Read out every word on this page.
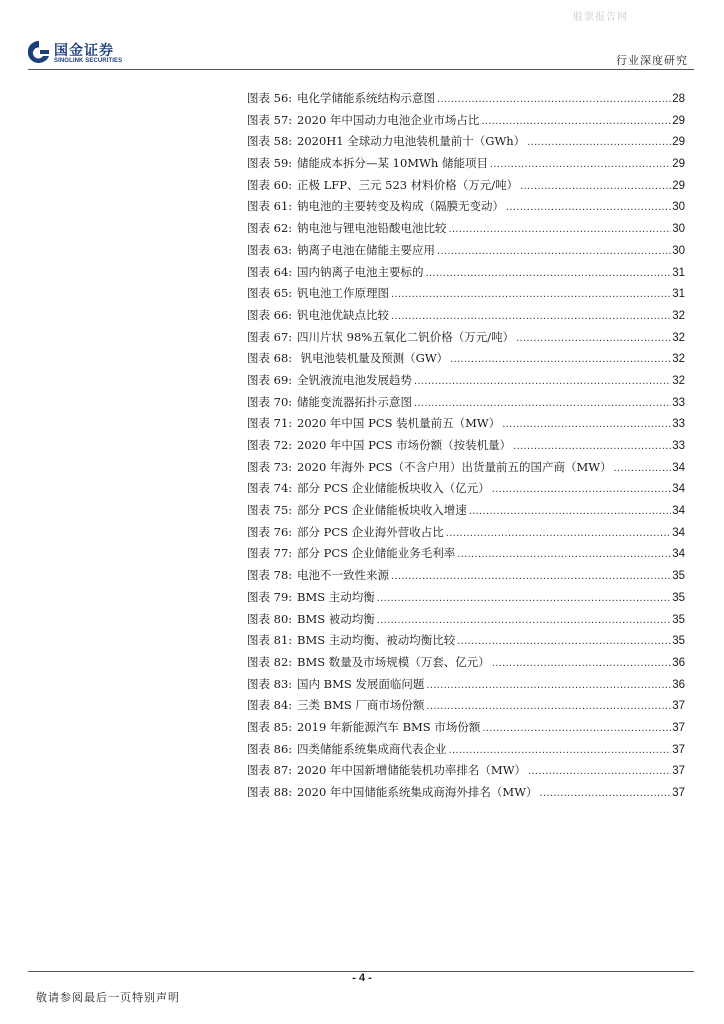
股票报告网
国金证券
SINOLINK SECURITIES	行业深度研究
图表 56: 电化学储能系统结构示意图 .....	28
图表 57: 2020 年中国动力电池企业市场占比 .....	29
图表 58: 2020H1 全球动力电池装机量前十（GWh） .....	29
图表 59: 储能成本拆分—某 10MWh 储能项目 .....	29
图表 60: 正极 LFP、三元 523 材料价格（万元/吨） .....	29
图表 61: 钠电池的主要转变及构成（隔膜无变动） .....	30
图表 62: 钠电池与锂电池铅酸电池比较 .....	30
图表 63: 钠离子电池在储能主要应用 .....	30
图表 64: 国内钠离子电池主要标的 .....	31
图表 65: 钒电池工作原理图 .....	31
图表 66: 钒电池优缺点比较 .....	32
图表 67: 四川片状 98%五氧化二钒价格（万元/吨） .....	32
图表 68: 钒电池装机量及预测（GW） .....	32
图表 69: 全钒液流电池发展趋势 .....	32
图表 70: 储能变流器拓扑示意图 .....	33
图表 71: 2020 年中国 PCS 装机量前五（MW） .....	33
图表 72: 2020 年中国 PCS 市场份额（按装机量） .....	33
图表 73: 2020 年海外 PCS（不含户用）出货量前五的国产商（MW） .....	34
图表 74: 部分 PCS 企业储能板块收入（亿元） .....	34
图表 75: 部分 PCS 企业储能板块收入增速 .....	34
图表 76: 部分 PCS 企业海外营收占比 .....	34
图表 77: 部分 PCS 企业储能业务毛利率 .....	34
图表 78: 电池不一致性来源 .....	35
图表 79: BMS 主动均衡 .....	35
图表 80: BMS 被动均衡 .....	35
图表 81: BMS 主动均衡、被动均衡比较 .....	35
图表 82: BMS 数量及市场规模（万套、亿元） .....	36
图表 83: 国内 BMS 发展面临问题 .....	36
图表 84: 三类 BMS 厂商市场份额 .....	37
图表 85: 2019 年新能源汽车 BMS 市场份额 .....	37
图表 86: 四类储能系统集成商代表企业 .....	37
图表 87: 2020 年中国新增储能装机功率排名（MW） .....	37
图表 88: 2020 年中国储能系统集成商海外排名（MW） .....	37
- 4 -
敬请参阅最后一页特别声明
